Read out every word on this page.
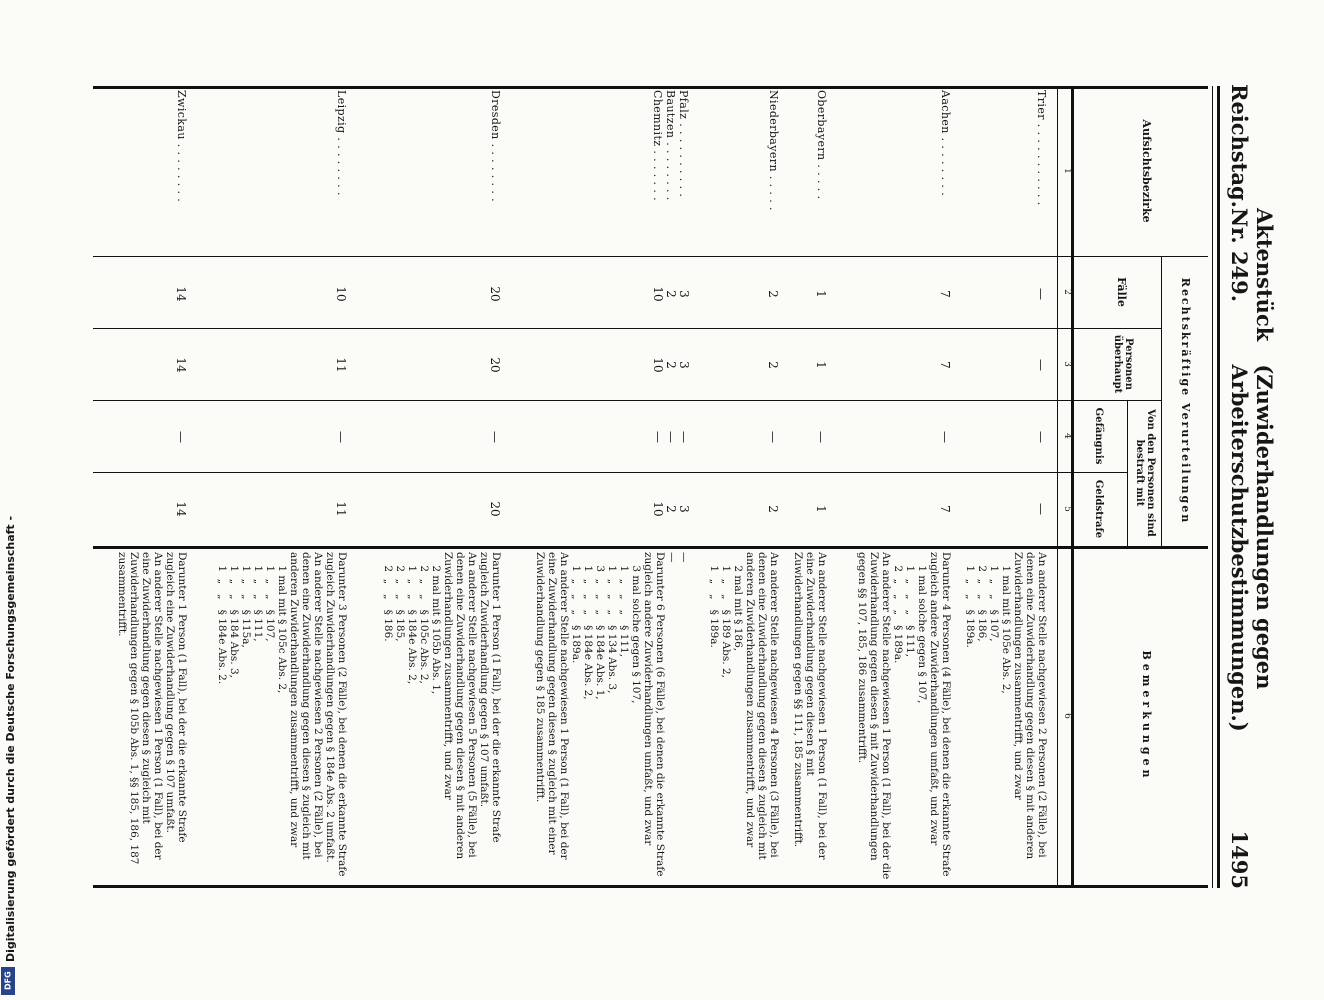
Reichstag.
Aktenstück Nr. 249.
(Zuwiderhandlungen gegen Arbeiterschutzbestimmungen.)
1495
Aufsichtsbezirke
Rechtskräftige Verurteilungen
Fälle
Personen überhaupt
Von den Personen sind bestraft mit
Gefängnis
Geldstrafe
Bemerkungen
1
2
3
4
5
6
Trier . . . . . . . . . . .
—
—
—
—
An anderer Stelle nachgewiesen 2 Personen (2 Fälle), bei denen eine Zuwiderhandlung gegen diesen § mit anderen Zuwiderhandlungen zusammentrifft, und zwar
1 mal mit § 105e Abs. 2,
1  „   „   § 107,
2  „   „   § 186,
1  „   „   § 189a.
Aachen . . . . . . . .
7
7
—
7
Darunter 4 Personen (4 Fälle), bei denen die erkannte Strafe zugleich andere Zuwiderhandlungen umfaßt, und zwar
1 mal solche gegen § 107,
1  „   „   „   § 111,
2  „   „   „   § 189a.
An anderer Stelle nachgewiesen 1 Person (1 Fall), bei der die Zuwiderhandlung gegen diesen § mit Zuwiderhandlungen gegen §§ 107, 185, 186 zusammentrifft.
Oberbayern . . . . .
1
1
—
1
An anderer Stelle nachgewiesen 1 Person (1 Fall), bei der eine Zuwiderhandlung gegen diesen § mit Zuwiderhandlungen gegen §§ 111, 185 zusammentrifft.
Niederbayern . . . . .
2
2
—
2
An anderer Stelle nachgewiesen 4 Personen (3 Fälle), bei denen eine Zuwiderhandlung gegen diesen § zugleich mit anderen Zuwiderhandlungen zusammentrifft, und zwar
2 mal mit § 186,
1  „   „   § 189 Abs. 2,
1  „   „   § 189a.

Pfalz . . . . . . . . . .
Bautzen . . . . . . . .
Chemnitz . . . . . . .

3
2
10

3
2
10

—
—
—

3
2
10

—
—
Darunter 6 Personen (6 Fälle), bei denen die erkannte Strafe zugleich andere Zuwiderhandlungen umfaßt, und zwar
3 mal solche gegen § 107,
1  „   „   „   § 111,
1  „   „   „   § 134 Abs. 3,
3  „   „   „   § 184e Abs. 1,
1  „   „   „   § 184e Abs. 2,
1  „   „   „   § 189a.
An anderer Stelle nachgewiesen 1 Person (1 Fall), bei der eine Zuwiderhandlung gegen diesen § zugleich mit einer Zuwiderhandlung gegen § 185 zusammentrifft.

Dresden . . . . . . . .
20
20
—
20
Darunter 1 Person (1 Fall), bei der die erkannte Strafe zugleich Zuwiderhandlung gegen § 107 umfaßt.
An anderer Stelle nachgewiesen 5 Personen (5 Fälle), bei denen eine Zuwiderhandlung gegen diesen § mit anderen Zuwiderhandlungen zusammentrifft, und zwar
2 mal mit § 105b Abs. 1,
2  „   „   § 105c Abs. 2,
1  „   „   § 184e Abs. 2,
2  „   „   § 185,
2  „   „   § 186.
Leipzig . . . . . . . .
10
11
—
11
Darunter 3 Personen (2 Fälle), bei denen die erkannte Strafe zugleich Zuwiderhandlungen gegen § 184e Abs. 2 umfaßt.
An anderer Stelle nachgewiesen 2 Personen (2 Fälle), bei denen eine Zuwiderhandlung gegen diesen § zugleich mit anderen Zuwiderhandlungen zusammentrifft, und zwar
1 mal mit § 105c Abs. 2,
1  „   „   § 107,
1  „   „   § 111,
1  „   „   § 115a,
1  „   „   § 184 Abs. 3,
1  „   „   § 184e Abs. 2.
Zwickau . . . . . . . .
14
14
—
14
Darunter 1 Person (1 Fall), bei der die erkannte Strafe zugleich eine Zuwiderhandlung gegen § 107 umfaßt.
An anderer Stelle nachgewiesen 1 Person (1 Fall), bei der eine Zuwiderhandlung gegen diesen § zugleich mit Zuwiderhandlungen gegen § 105b Abs. 1, §§ 185, 186, 187 zusammentrifft.
Digitalisierung gefördert durch die Deutsche Forschungsgemeinschaft -
DFG
